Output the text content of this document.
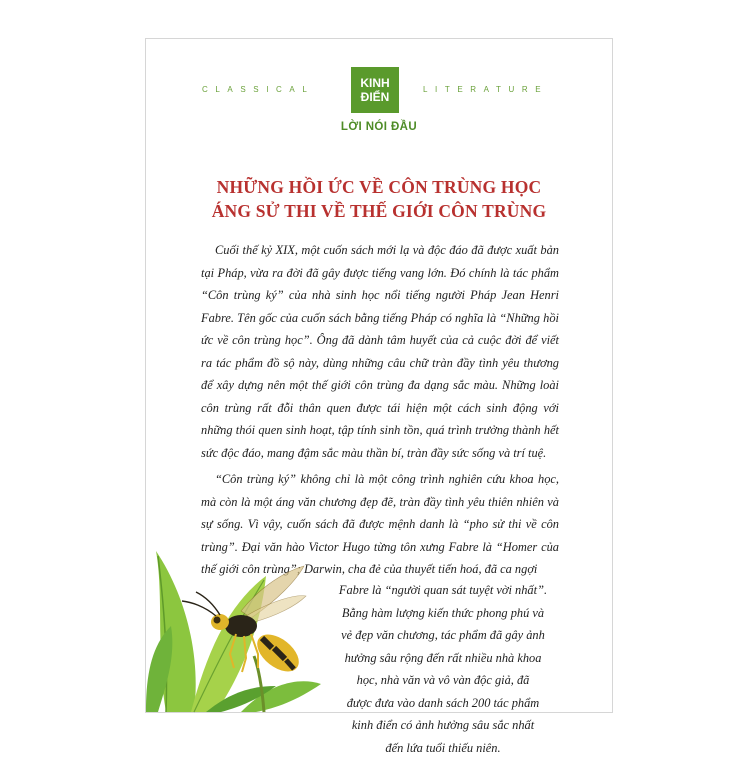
CLASSICAL	KINH
ĐIỂN
LITERATURE
LỜI NÓI ĐẦU
NHỮNG HỒI ỨC VỀ CÔN TRÙNG HỌC
ÁNG SỬ THI VỀ THẾ GIỚI CÔN TRÙNG

Cuối thế kỷ XIX, một cuốn sách mới lạ và độc đáo đã được xuất bản tại Pháp, vừa ra đời đã gây được tiếng vang lớn. Đó chính là tác phẩm “Côn trùng ký” của nhà sinh học nổi tiếng người Pháp Jean Henri Fabre. Tên gốc của cuốn sách bằng tiếng Pháp có nghĩa là “Những hồi ức về côn trùng học”. Ông đã dành tâm huyết của cả cuộc đời để viết ra tác phẩm đồ sộ này, dùng những câu chữ tràn đầy tình yêu thương để xây dựng nên một thế giới côn trùng đa dạng sắc màu. Những loài côn trùng rất đỗi thân quen được tái hiện một cách sinh động với những thói quen sinh hoạt, tập tính sinh tồn, quá trình trưởng thành hết sức độc đáo, mang đậm sắc màu thần bí, tràn đầy sức sống và trí tuệ.

“Côn trùng ký” không chỉ là một công trình nghiên cứu khoa học, mà còn là một áng văn chương đẹp đẽ, tràn đầy tình yêu thiên nhiên và sự sống. Vì vậy, cuốn sách đã được mệnh danh là “pho sử thi về côn trùng”. Đại văn hào Victor Hugo từng tôn xưng Fabre là “Homer của thế giới côn trùng”; Darwin, cha đẻ của thuyết tiến hoá, đã ca ngợi

Fabre là “người quan sát tuyệt vời nhất”.
Bằng hàm lượng kiến thức phong phú và
vẻ đẹp văn chương, tác phẩm đã gây ảnh
hưởng sâu rộng đến rất nhiều nhà khoa
học, nhà văn và vô vàn độc giả, đã
được đưa vào danh sách 200 tác phẩm
kinh điển có ảnh hưởng sâu sắc nhất
đến lứa tuổi thiếu niên.
